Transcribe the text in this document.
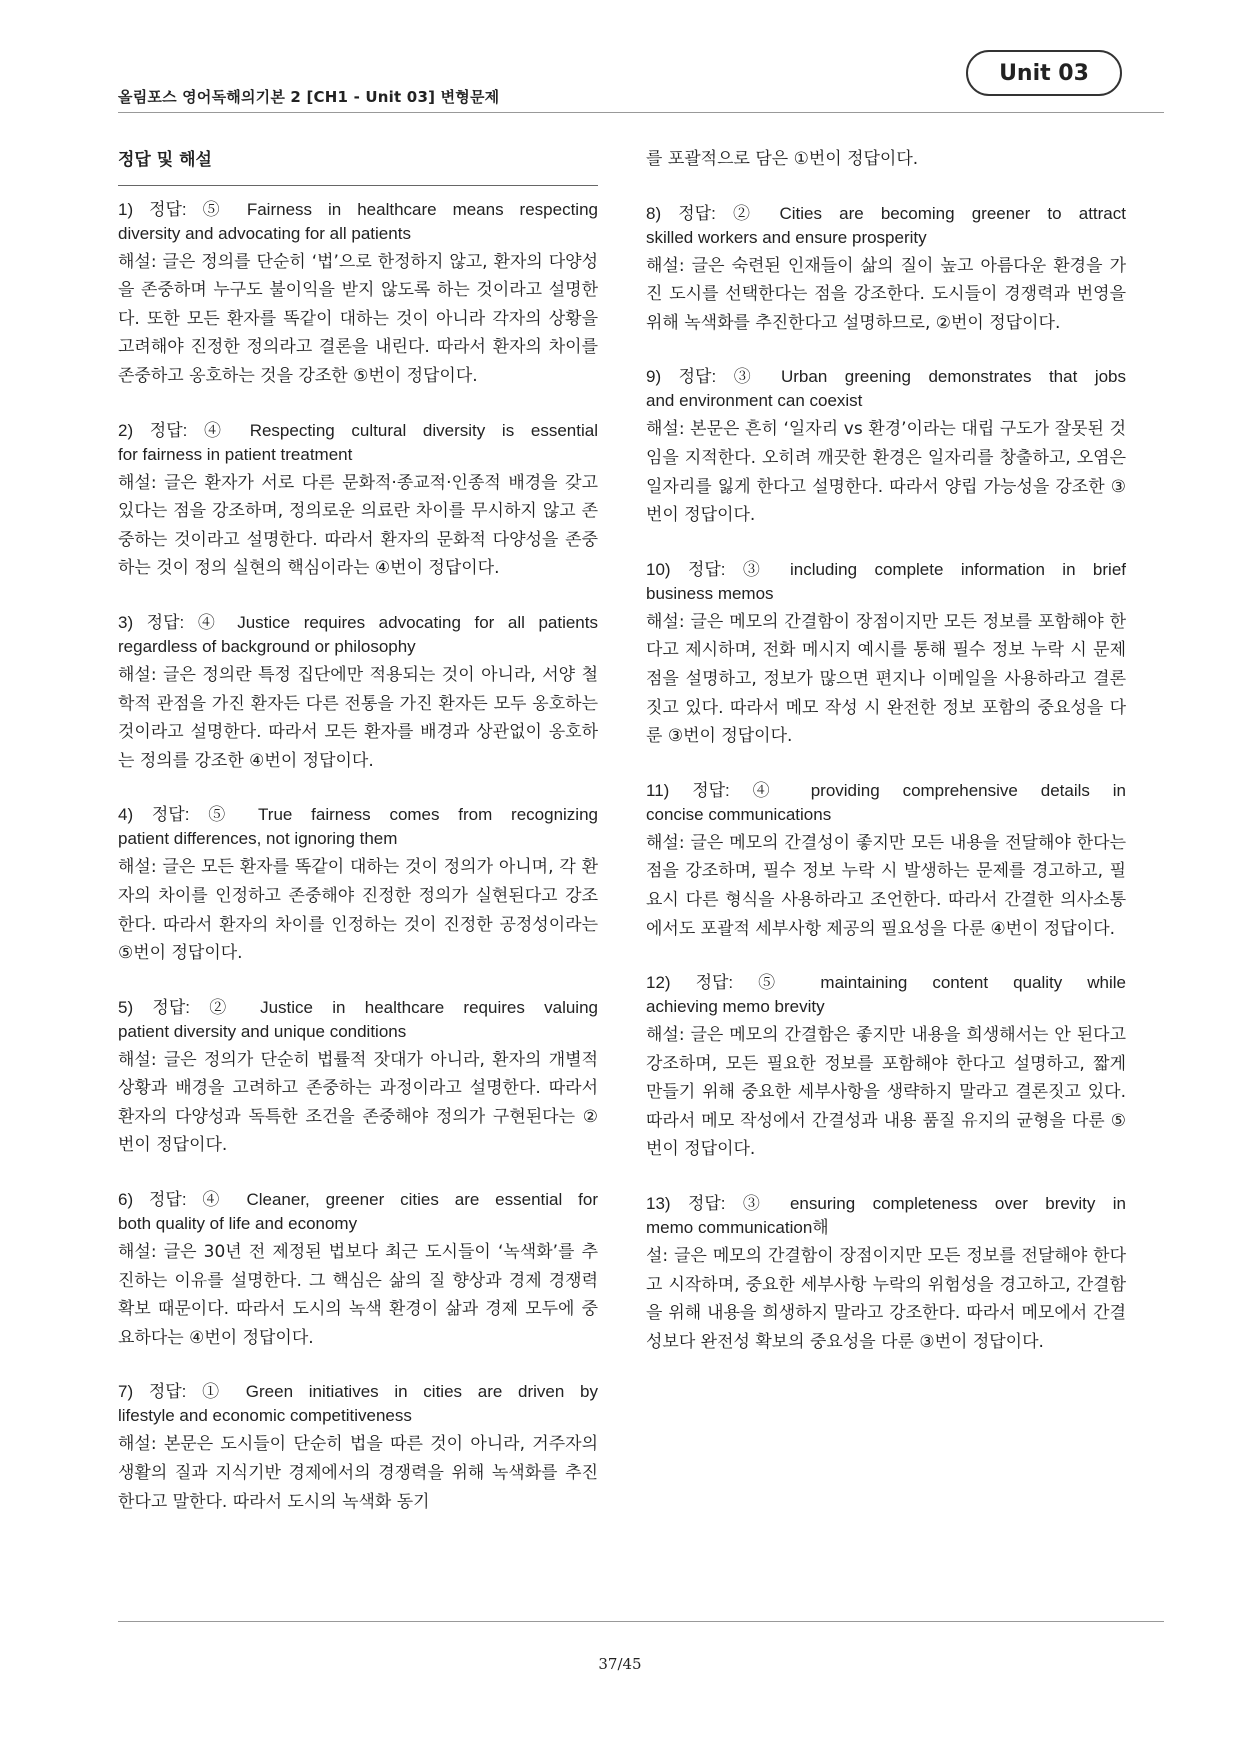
올림포스 영어독해의기본 2 [CH1 - Unit 03] 변형문제
Unit 03
정답 및 해설
1) 정답: ⑤ Fairness in healthcare means respecting
diversity and advocating for all patients

해설: 글은 정의를 단순히 ‘법’으로 한정하지 않고, 환자의 다양성을 존중하며 누구도 불이익을 받지 않도록 하는 것이라고 설명한다. 또한 모든 환자를 똑같이 대하는 것이 아니라 각자의 상황을 고려해야 진정한 정의라고 결론을 내린다. 따라서 환자의 차이를 존중하고 옹호하는 것을 강조한 ⑤번이 정답이다.

2) 정답: ④ Respecting cultural diversity is essential
for fairness in patient treatment

해설: 글은 환자가 서로 다른 문화적·종교적·인종적 배경을 갖고 있다는 점을 강조하며, 정의로운 의료란 차이를 무시하지 않고 존중하는 것이라고 설명한다. 따라서 환자의 문화적 다양성을 존중하는 것이 정의 실현의 핵심이라는 ④번이 정답이다.

3) 정답: ④ Justice requires advocating for all patients
regardless of background or philosophy

해설: 글은 정의란 특정 집단에만 적용되는 것이 아니라, 서양 철학적 관점을 가진 환자든 다른 전통을 가진 환자든 모두 옹호하는 것이라고 설명한다. 따라서 모든 환자를 배경과 상관없이 옹호하는 정의를 강조한 ④번이 정답이다.

4) 정답: ⑤ True fairness comes from recognizing
patient differences, not ignoring them

해설: 글은 모든 환자를 똑같이 대하는 것이 정의가 아니며, 각 환자의 차이를 인정하고 존중해야 진정한 정의가 실현된다고 강조한다. 따라서 환자의 차이를 인정하는 것이 진정한 공정성이라는 ⑤번이 정답이다.

5) 정답: ② Justice in healthcare requires valuing
patient diversity and unique conditions

해설: 글은 정의가 단순히 법률적 잣대가 아니라, 환자의 개별적 상황과 배경을 고려하고 존중하는 과정이라고 설명한다. 따라서 환자의 다양성과 독특한 조건을 존중해야 정의가 구현된다는 ②번이 정답이다.

6) 정답: ④ Cleaner, greener cities are essential for
both quality of life and economy

해설: 글은 30년 전 제정된 법보다 최근 도시들이 ‘녹색화’를 추진하는 이유를 설명한다. 그 핵심은 삶의 질 향상과 경제 경쟁력 확보 때문이다. 따라서 도시의 녹색 환경이 삶과 경제 모두에 중요하다는 ④번이 정답이다.

7) 정답: ① Green initiatives in cities are driven by
lifestyle and economic competitiveness

해설: 본문은 도시들이 단순히 법을 따른 것이 아니라, 거주자의 생활의 질과 지식기반 경제에서의 경쟁력을 위해 녹색화를 추진한다고 말한다. 따라서 도시의 녹색화 동기

를 포괄적으로 담은 ①번이 정답이다.

8) 정답: ② Cities are becoming greener to attract
skilled workers and ensure prosperity

해설: 글은 숙련된 인재들이 삶의 질이 높고 아름다운 환경을 가진 도시를 선택한다는 점을 강조한다. 도시들이 경쟁력과 번영을 위해 녹색화를 추진한다고 설명하므로, ②번이 정답이다.

9) 정답: ③ Urban greening demonstrates that jobs
and environment can coexist

해설: 본문은 흔히 ‘일자리 vs 환경’이라는 대립 구도가 잘못된 것임을 지적한다. 오히려 깨끗한 환경은 일자리를 창출하고, 오염은 일자리를 잃게 한다고 설명한다. 따라서 양립 가능성을 강조한 ③번이 정답이다.

10) 정답: ③ including complete information in brief
business memos

해설: 글은 메모의 간결함이 장점이지만 모든 정보를 포함해야 한다고 제시하며, 전화 메시지 예시를 통해 필수 정보 누락 시 문제점을 설명하고, 정보가 많으면 편지나 이메일을 사용하라고 결론짓고 있다. 따라서 메모 작성 시 완전한 정보 포함의 중요성을 다룬 ③번이 정답이다.

11) 정답: ④ providing comprehensive details in
concise communications

해설: 글은 메모의 간결성이 좋지만 모든 내용을 전달해야 한다는 점을 강조하며, 필수 정보 누락 시 발생하는 문제를 경고하고, 필요시 다른 형식을 사용하라고 조언한다. 따라서 간결한 의사소통에서도 포괄적 세부사항 제공의 필요성을 다룬 ④번이 정답이다.

12) 정답: ⑤ maintaining content quality while
achieving memo brevity

해설: 글은 메모의 간결함은 좋지만 내용을 희생해서는 안 된다고 강조하며, 모든 필요한 정보를 포함해야 한다고 설명하고, 짧게 만들기 위해 중요한 세부사항을 생략하지 말라고 결론짓고 있다. 따라서 메모 작성에서 간결성과 내용 품질 유지의 균형을 다룬 ⑤번이 정답이다.

13) 정답: ③ ensuring completeness over brevity in
memo communication해

설: 글은 메모의 간결함이 장점이지만 모든 정보를 전달해야 한다고 시작하며, 중요한 세부사항 누락의 위험성을 경고하고, 간결함을 위해 내용을 희생하지 말라고 강조한다. 따라서 메모에서 간결성보다 완전성 확보의 중요성을 다룬 ③번이 정답이다.

37/45
